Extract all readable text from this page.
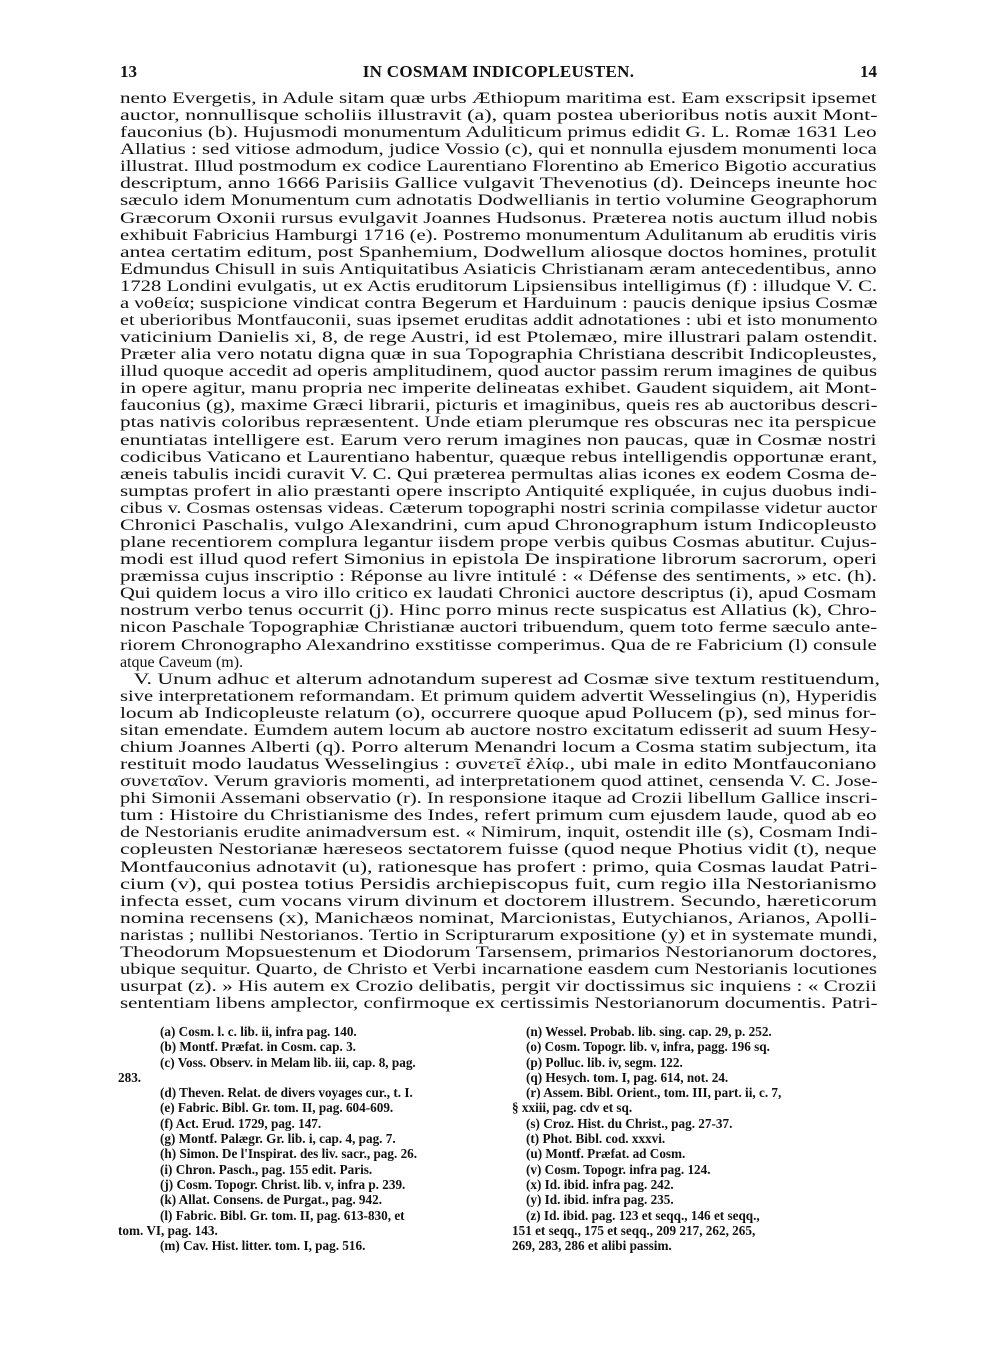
13	IN COSMAM INDICOPLEUSTEN.	14
nento Evergetis, in Adule sitam quæ urbs Æthiopum maritima est. Eam exscripsit ipsemet
auctor, nonnullisque scholiis illustravit (a), quam postea uberioribus notis auxit Mont-
fauconius (b). Hujusmodi monumentum Aduliticum primus edidit G. L. Romæ 1631 Leo
Allatius : sed vitiose admodum, judice Vossio (c), qui et nonnulla ejusdem monumenti loca
illustrat. Illud postmodum ex codice Laurentiano Florentino ab Emerico Bigotio accuratius
descriptum, anno 1666 Parisiis Gallice vulgavit Thevenotius (d). Deinceps ineunte hoc
sæculo idem Monumentum cum adnotatis Dodwellianis in tertio volumine Geographorum
Græcorum Oxonii rursus evulgavit Joannes Hudsonus. Præterea notis auctum illud nobis
exhibuit Fabricius Hamburgi 1716 (e). Postremo monumentum Adulitanum ab eruditis viris
antea certatim editum, post Spanhemium, Dodwellum aliosque doctos homines, protulit
Edmundus Chisull in suis Antiquitatibus Asiaticis Christianam æram antecedentibus, anno
1728 Londini evulgatis, ut ex Actis eruditorum Lipsiensibus intelligimus (f) : illudque V. C.
a νοθεία; suspicione vindicat contra Begerum et Harduinum : paucis denique ipsius Cosmæ
et uberioribus Montfauconii, suas ipsemet eruditas addit adnotationes : ubi et isto monumento
vaticinium Danielis xi, 8, de rege Austri, id est Ptolemæo, mire illustrari palam ostendit.
Præter alia vero notatu digna quæ in sua Topographia Christiana describit Indicopleustes,
illud quoque accedit ad operis amplitudinem, quod auctor passim rerum imagines de quibus
in opere agitur, manu propria nec imperite delineatas exhibet. Gaudent siquidem, ait Mont-
fauconius (g), maxime Græci librarii, picturis et imaginibus, queis res ab auctoribus descri-
ptas nativis coloribus repræsentent. Unde etiam plerumque res obscuras nec ita perspicue
enuntiatas intelligere est. Earum vero rerum imagines non paucas, quæ in Cosmæ nostri
codicibus Vaticano et Laurentiano habentur, quæque rebus intelligendis opportunæ erant,
æneis tabulis incidi curavit V. C. Qui præterea permultas alias icones ex eodem Cosma de-
sumptas profert in alio præstanti opere inscripto Antiquité expliquée, in cujus duobus indi-
cibus v. Cosmas ostensas videas. Cæterum topographi nostri scrinia compilasse videtur auctor
Chronici Paschalis, vulgo Alexandrini, cum apud Chronographum istum Indicopleusto
plane recentiorem complura legantur iisdem prope verbis quibus Cosmas abutitur. Cujus-
modi est illud quod refert Simonius in epistola De inspiratione librorum sacrorum, operi
præmissa cujus inscriptio : Réponse au livre intitulé : « Défense des sentiments, » etc. (h).
Qui quidem locus a viro illo critico ex laudati Chronici auctore descriptus (i), apud Cosmam
nostrum verbo tenus occurrit (j). Hinc porro minus recte suspicatus est Allatius (k), Chro-
nicon Paschale Topographiæ Christianæ auctori tribuendum, quem toto ferme sæculo ante-
riorem Chronographo Alexandrino exstitisse comperimus. Qua de re Fabricium (l) consule
atque Caveum (m).
V. Unum adhuc et alterum adnotandum superest ad Cosmæ sive textum restituendum,
sive interpretationem reformandam. Et primum quidem advertit Wesselingius (n), Hyperidis
locum ab Indicopleuste relatum (o), occurrere quoque apud Pollucem (p), sed minus for-
sitan emendate. Eumdem autem locum ab auctore nostro excitatum edisserit ad suum Hesy-
chium Joannes Alberti (q). Porro alterum Menandri locum a Cosma statim subjectum, ita
restituit modo laudatus Wesselingius : συνετεῖ ἐλίφ., ubi male in edito Montfauconiano
συνεταῖον. Verum gravioris momenti, ad interpretationem quod attinet, censenda V. C. Jose-
phi Simonii Assemani observatio (r). In responsione itaque ad Crozii libellum Gallice inscri-
tum : Histoire du Christianisme des Indes, refert primum cum ejusdem laude, quod ab eo
de Nestorianis erudite animadversum est. « Nimirum, inquit, ostendit ille (s), Cosmam Indi-
copleusten Nestorianæ hæreseos sectatorem fuisse (quod neque Photius vidit (t), neque
Montfauconius adnotavit (u), rationesque has profert : primo, quia Cosmas laudat Patri-
cium (v), qui postea totius Persidis archiepiscopus fuit, cum regio illa Nestorianismo
infecta esset, cum vocans virum divinum et doctorem illustrem. Secundo, hæreticorum
nomina recensens (x), Manichæos nominat, Marcionistas, Eutychianos, Arianos, Apolli-
naristas ; nullibi Nestorianos. Tertio in Scripturarum expositione (y) et in systemate mundi,
Theodorum Mopsuestenum et Diodorum Tarsensem, primarios Nestorianorum doctores,
ubique sequitur. Quarto, de Christo et Verbi incarnatione easdem cum Nestorianis locutiones
usurpat (z). » His autem ex Crozio delibatis, pergit vir doctissimus sic inquiens : « Crozii
sententiam libens amplector, confirmoque ex certissimis Nestorianorum documentis. Patri-
(a) Cosm. l. c. lib. ii, infra pag. 140.
(b) Montf. Præfat. in Cosm. cap. 3.
(c) Voss. Observ. in Melam lib. iii, cap. 8, pag.
283.
(d) Theven. Relat. de divers voyages cur., t. I.
(e) Fabric. Bibl. Gr. tom. II, pag. 604-609.
(f) Act. Erud. 1729, pag. 147.
(g) Montf. Palægr. Gr. lib. i, cap. 4, pag. 7.
(h) Simon. De l'Inspirat. des liv. sacr., pag. 26.
(i) Chron. Pasch., pag. 155 edit. Paris.
(j) Cosm. Topogr. Christ. lib. v, infra p. 239.
(k) Allat. Consens. de Purgat., pag. 942.
(l) Fabric. Bibl. Gr. tom. II, pag. 613-830, et
tom. VI, pag. 143.
(m) Cav. Hist. litter. tom. I, pag. 516.
(n) Wessel. Probab. lib. sing. cap. 29, p. 252.
(o) Cosm. Topogr. lib. v, infra, pagg. 196 sq.
(p) Polluc. lib. iv, segm. 122.
(q) Hesych. tom. I, pag. 614, not. 24.
(r) Assem. Bibl. Orient., tom. III, part. ii, c. 7,
§ xxiii, pag. cdv et sq.
(s) Croz. Hist. du Christ., pag. 27-37.
(t) Phot. Bibl. cod. xxxvi.
(u) Montf. Præfat. ad Cosm.
(v) Cosm. Topogr. infra pag. 124.
(x) Id. ibid. infra pag. 242.
(y) Id. ibid. infra pag. 235.
(z) Id. ibid. pag. 123 et seqq., 146 et seqq.,
151 et seqq., 175 et seqq., 209 217, 262, 265,
269, 283, 286 et alibi passim.
